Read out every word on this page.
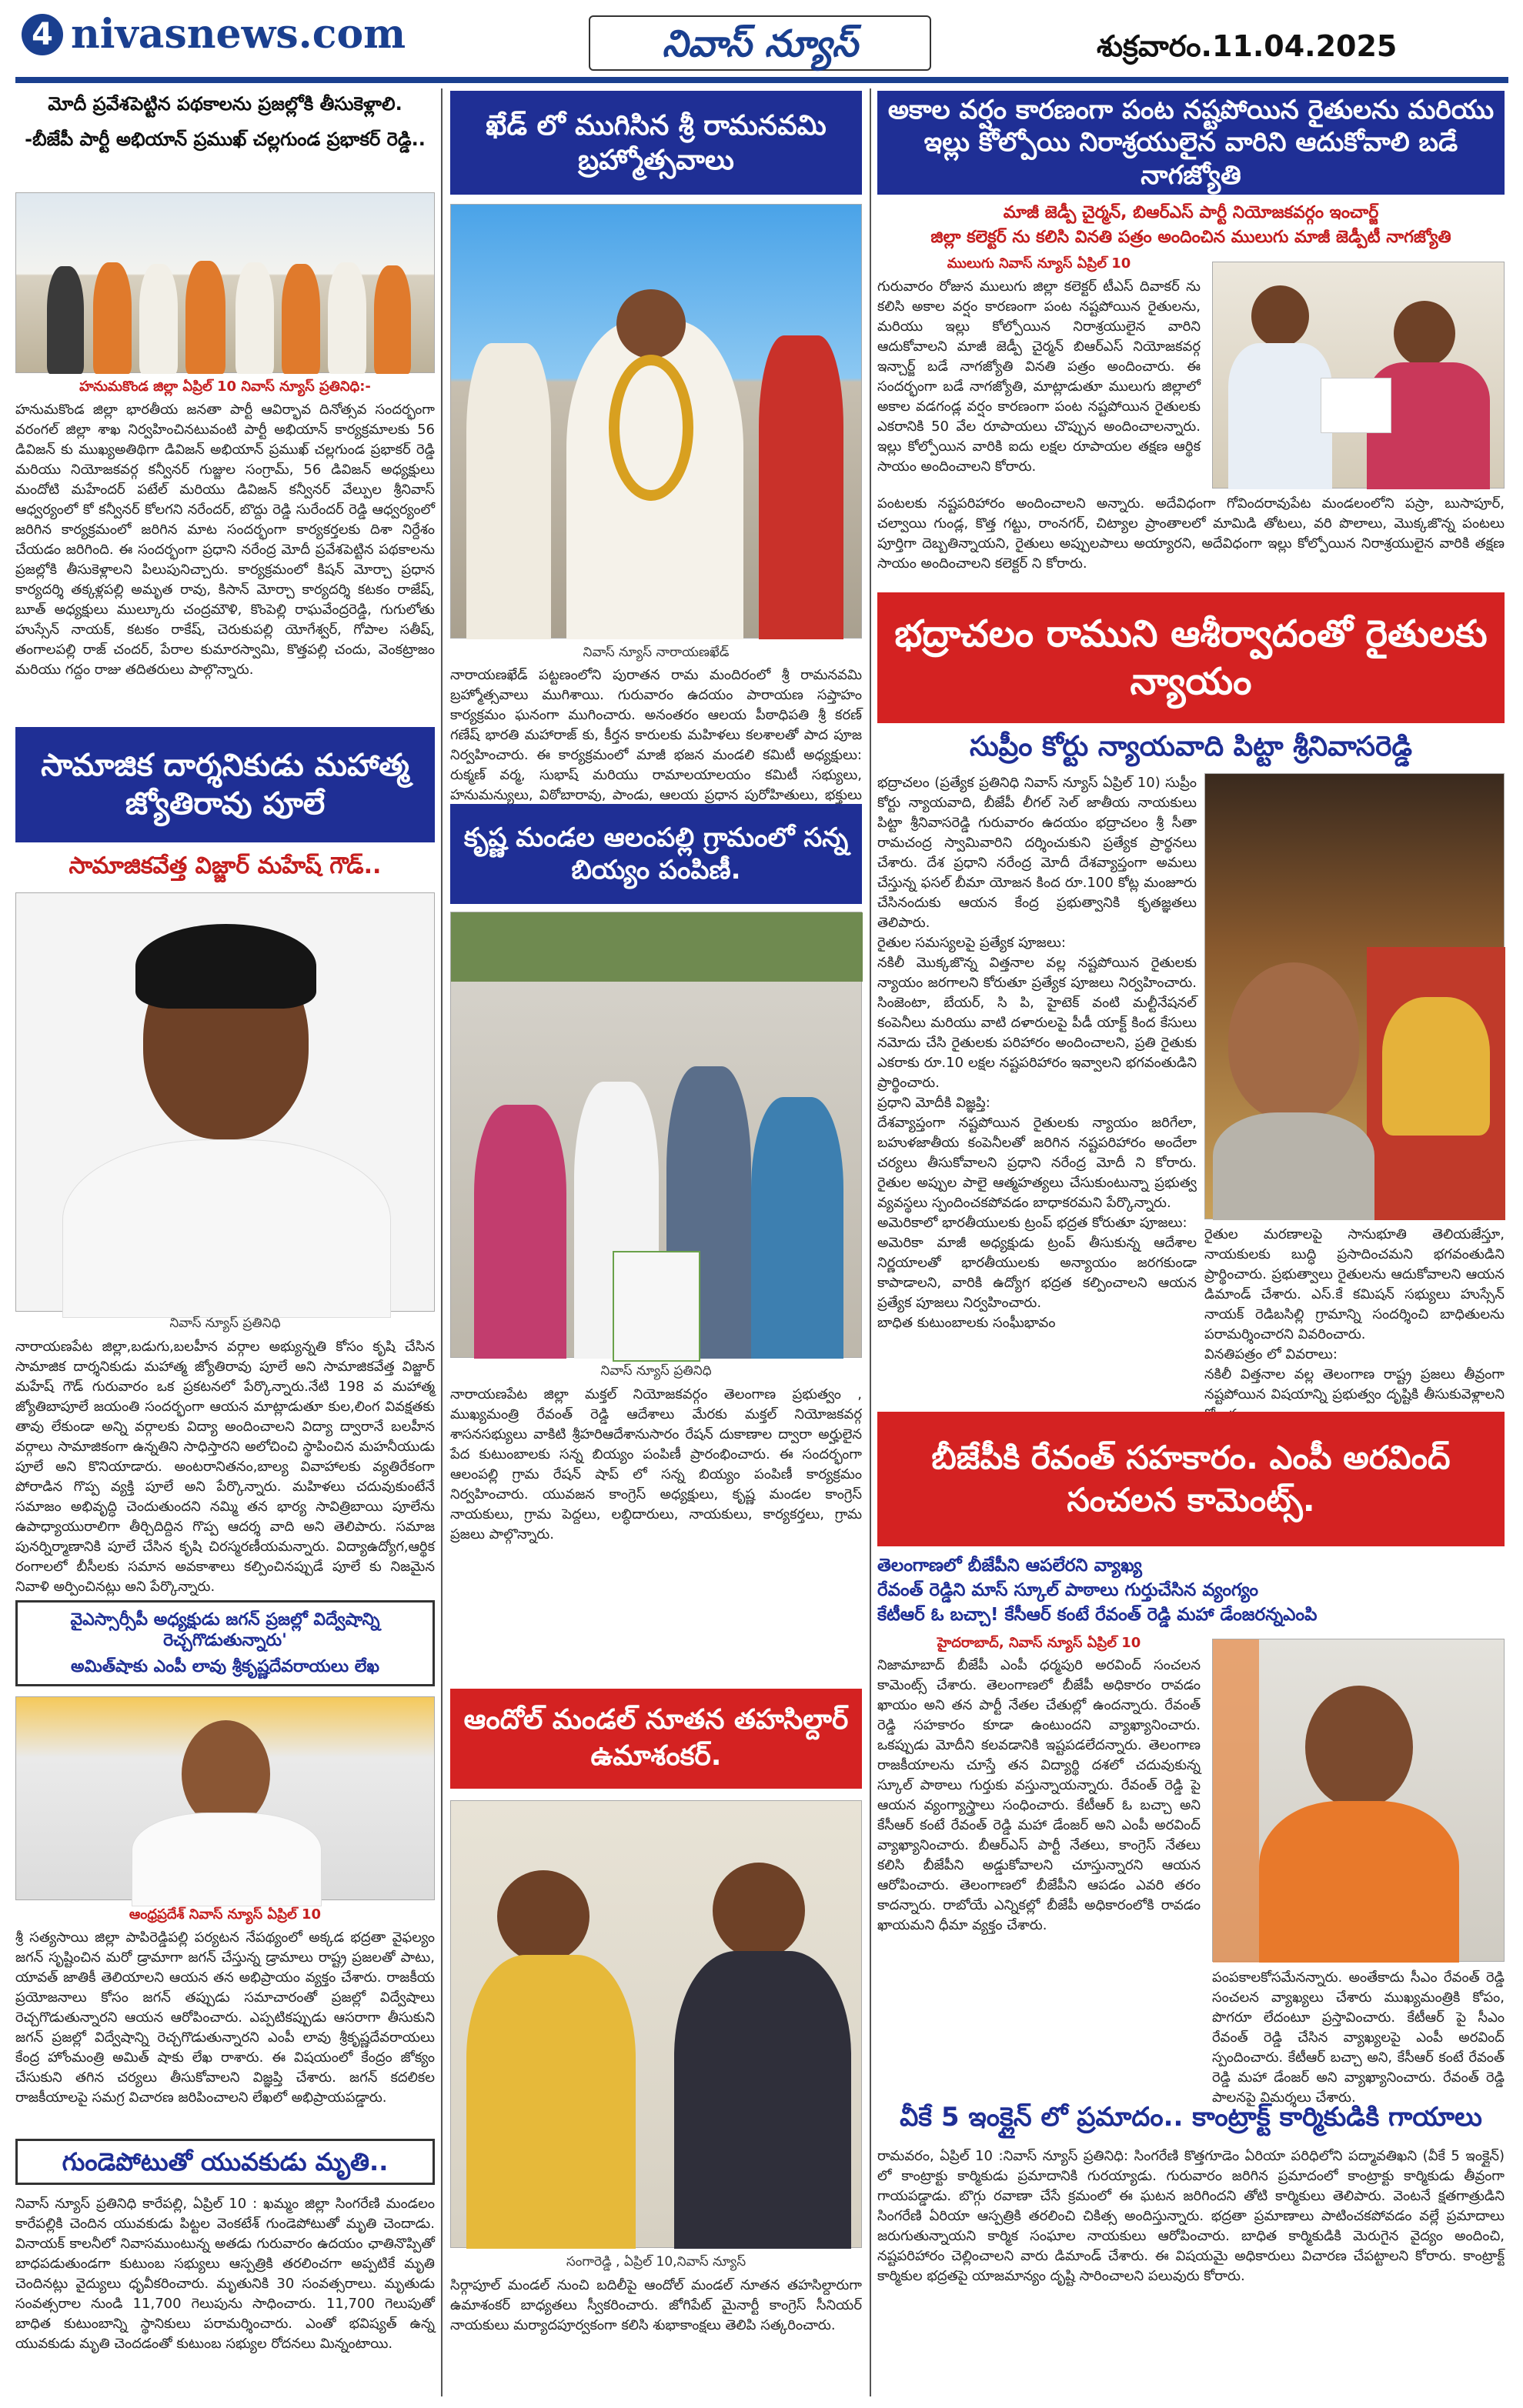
4 nivasnews.com	నివాస్ న్యూస్	శుక్రవారం.11.04.2025
మోదీ ప్రవేశపెట్టిన పథకాలను ప్రజల్లోకి తీసుకెళ్లాలి.
-బీజేపీ పార్టీ అభియాన్ ప్రముఖ్ చల్లగుండ ప్రభాకర్ రెడ్డి..
హనుమకొండ జిల్లా ఏప్రిల్ 10 నివాస్ న్యూస్ ప్రతినిధి:-
హనుమకొండ జిల్లా భారతీయ జనతా పార్టీ ఆవిర్భావ దినోత్సవ సందర్భంగా వరంగల్ జిల్లా శాఖ నిర్వహించినటువంటి పార్టీ అభియాన్ కార్యక్రమాలకు 56 డివిజన్ కు ముఖ్యఅతిథిగా డివిజన్ అభియాన్ ప్రముఖ్ చల్లగుండ ప్రభాకర్ రెడ్డి మరియు నియోజకవర్గ కన్వీనర్ గుజ్జుల సంగ్రామ్, 56 డివిజన్ అధ్యక్షులు మందోటి మహేందర్ పటేల్ మరియు డివిజన్ కన్వీనర్ వేల్పుల శ్రీనివాస్ ఆధ్వర్యంలో కో కన్వీనర్ కోలగని నరేందర్, బొద్దు రెడ్డి సురేందర్ రెడ్డి ఆధ్వర్యంలో జరిగిన కార్యక్రమంలో జరిగిన మాట సందర్భంగా కార్యకర్తలకు దిశా నిర్దేశం చేయడం జరిగింది. ఈ సందర్భంగా ప్రధాని నరేంద్ర మోదీ ప్రవేశపెట్టిన పథకాలను ప్రజల్లోకి తీసుకెళ్లాలని పిలుపునిచ్చారు. కార్యక్రమంలో కిషన్ మోర్చా ప్రధాన కార్యదర్శి తక్కళ్లపల్లి అమృత రావు, కిసాన్ మోర్చా కార్యదర్శి కటకం రాజేష్, బూత్ అధ్యక్షులు ముల్కూరు చంద్రమౌళి, కొంపెల్లి రాఘవేంద్రరెడ్డి, గుగులోతు హుస్సేన్ నాయక్, కటకం రాకేష్, చెరుకుపల్లి యోగేశ్వర్, గోపాల సతీష్, తంగాలపల్లి రాజ్ చందర్, పేరాల కుమారస్వామి, కొత్తపల్లి చందు, వెంకట్రాజం మరియు గద్దం రాజు తదితరులు పాల్గొన్నారు.
సామాజిక దార్శనికుడు మహాత్మ జ్యోతిరావు పూలే
సామాజికవేత్త విజ్జార్ మహేష్ గౌడ్..
నివాస్ న్యూస్ ప్రతినిధి
నారాయణపేట జిల్లా,బడుగు,బలహీన వర్గాల అభ్యున్నతి కోసం కృషి చేసిన సామాజిక దార్శనికుడు మహాత్మ జ్యోతిరావు పూలే అని సామాజికవేత్త విజ్జార్ మహేష్ గౌడ్ గురువారం ఒక ప్రకటనలో పేర్కొన్నారు.నేటి 198 వ మహాత్మ జ్యోతిబాపూలే జయంతి సందర్భంగా ఆయన మాట్లాడుతూ కుల,లింగ వివక్షతకు తావు లేకుండా అన్ని వర్గాలకు విద్యా అందించాలని విద్యా ద్వారానే బలహీన వర్గాలు సామాజికంగా ఉన్నతిని సాధిస్తారని అలోచించి స్థాపించిన మహనీయుడు పూలే అని కొనియాడారు. అంటరానితనం,బాల్య వివాహాలకు వ్యతిరేకంగా పోరాడిన గొప్ప వ్యక్తి పూలే అని పేర్కొన్నారు. మహిళలు చదువుకుంటేనే సమాజం అభివృద్ధి చెందుతుందని నమ్మి తన భార్య సావిత్రిబాయి పూలేను ఉపాధ్యాయురాలిగా తీర్చిదిద్దిన గొప్ప ఆదర్శ వాది అని తెలిపారు. సమాజ పునర్నిర్మాణానికి పూలే చేసిన కృషి చిరస్మరణీయమన్నారు. విద్యాఉద్యోగ,ఆర్థిక రంగాలలో బీసీలకు సమాన అవకాశాలు కల్పించినప్పుడే పూలే కు నిజమైన నివాళి అర్పించినట్లు అని పేర్కొన్నారు.
వైఎస్సార్సీపీ అధ్యక్షుడు జగన్ ప్రజల్లో విద్వేషాన్ని రెచ్చగొడుతున్నారు'
అమిత్‌షాకు ఎంపీ లావు శ్రీకృష్ణదేవరాయలు లేఖ
ఆంధ్రప్రదేశ్ నివాస్ న్యూస్ ఏప్రిల్ 10
శ్రీ సత్యసాయి జిల్లా పాపిరెడ్డిపల్లి పర్యటన నేపథ్యంలో అక్కడ భద్రతా వైఫల్యం జగన్ సృష్టించిన మరో డ్రామాగా జగన్ చేస్తున్న డ్రామాలు రాష్ట్ర ప్రజలతో పాటు, యావత్ జాతికీ తెలియాలని ఆయన తన అభిప్రాయం వ్యక్తం చేశారు. రాజకీయ ప్రయోజనాలు కోసం జగన్ తప్పుడు సమాచారంతో ప్రజల్లో విద్వేషాలు రెచ్చగొడుతున్నారని ఆయన ఆరోపించారు. ఎప్పటికప్పుడు ఆసరాగా తీసుకుని జగన్ ప్రజల్లో విద్వేషాన్ని రెచ్చగొడుతున్నారని ఎంపీ లావు శ్రీకృష్ణదేవరాయలు కేంద్ర హోంమంత్రి అమిత్ షాకు లేఖ రాశారు. ఈ విషయంలో కేంద్రం జోక్యం చేసుకుని తగిన చర్యలు తీసుకోవాలని విజ్ఞప్తి చేశారు. జగన్ కదలికల రాజకీయాలపై సమగ్ర విచారణ జరిపించాలని లేఖలో అభిప్రాయపడ్డారు.
గుండెపోటుతో యువకుడు మృతి..
నివాస్ న్యూస్ ప్రతినిధి కారేపల్లి, ఏప్రిల్ 10 : ఖమ్మం జిల్లా సింగరేణి మండలం కారేపల్లికి చెందిన యువకుడు పిట్టల వెంకటేశ్ గుండెపోటుతో మృతి చెందాడు. వినాయక్ కాలనీలో నివాసముంటున్న అతడు గురువారం ఉదయం ఛాతినొప్పితో బాధపడుతుండగా కుటుంబ సభ్యులు ఆస్పత్రికి తరలించగా అప్పటికే మృతి చెందినట్లు వైద్యులు ధృవీకరించారు. మృతునికి 30 సంవత్సరాలు. మృతుడు సంవత్సరాల నుండి 11,700 గెలుపును సాధించారు. 11,700 గెలుపుతో బాధిత కుటుంబాన్ని స్థానికులు పరామర్శించారు. ఎంతో భవిష్యత్ ఉన్న యువకుడు మృతి చెందడంతో కుటుంబ సభ్యుల రోదనలు మిన్నంటాయి.
ఖేడ్ లో ముగిసిన శ్రీ రామనవమి బ్రహ్మోత్సవాలు
నివాస్ న్యూస్ నారాయణఖేడ్
నారాయణఖేడ్ పట్టణంలోని పురాతన రామ మందిరంలో శ్రీ రామనవమి బ్రహ్మోత్సవాలు ముగిశాయి. గురువారం ఉదయం పారాయణ సప్తాహం కార్యక్రమం ఘనంగా ముగించారు. అనంతరం ఆలయ పీఠాధిపతి శ్రీ కరణ్ గణేష్ భారతి మహారాజ్ కు, కీర్తన కారులకు మహిళలు కలశాలతో పాద పూజ నిర్వహించారు. ఈ కార్యక్రమంలో మాజీ భజన మండలి కమిటీ అధ్యక్షులు: రుక్మణ్ వర్మ, సుభాష్ మరియు రామాలయాలయం కమిటీ సభ్యులు, హనుమన్యులు, విఠోబారావు, పాండు, ఆలయ ప్రధాన పురోహితులు, భక్తులు
కృష్ణ మండల ఆలంపల్లి గ్రామంలో సన్న బియ్యం పంపిణీ.
నివాస్ న్యూస్ ప్రతినిధి
నారాయణపేట జిల్లా మక్తల్ నియోజకవర్గం తెలంగాణ ప్రభుత్వం , ముఖ్యమంత్రి రేవంత్ రెడ్డి ఆదేశాలు మేరకు మక్తల్ నియోజకవర్గ శాసనసభ్యులు వాకిటి శ్రీహరిఆదేశానుసారం రేషన్ దుకాణాల ద్వారా అర్హులైన పేద కుటుంబాలకు సన్న బియ్యం పంపిణీ ప్రారంభించారు. ఈ సందర్భంగా ఆలంపల్లి గ్రామ రేషన్ షాప్ లో సన్న బియ్యం పంపిణీ కార్యక్రమం నిర్వహించారు. యువజన కాంగ్రెస్ అధ్యక్షులు, కృష్ణ మండల కాంగ్రెస్ నాయకులు, గ్రామ పెద్దలు, లబ్ధిదారులు, నాయకులు, కార్యకర్తలు, గ్రామ ప్రజలు పాల్గొన్నారు.
ఆందోల్ మండల్ నూతన తహసిల్దార్ ఉమాశంకర్.
సంగారెడ్డి , ఏప్రిల్ 10,నివాస్ న్యూస్
సిర్గాపూల్ మండల్ నుంచి బదిలీపై ఆందోల్ మండల్ నూతన తహసిల్దారుగా ఉమాశంకర్ బాధ్యతలు స్వీకరించారు. జోగిపేట్ మైనార్టీ కాంగ్రెస్ సీనియర్ నాయకులు మర్యాదపూర్వకంగా కలిసి శుభాకాంక్షలు తెలిపి సత్కరించారు.
అకాల వర్షం కారణంగా పంట నష్టపోయిన రైతులను మరియు ఇల్లు కోల్పోయి నిరాశ్రయులైన వారిని ఆదుకోవాలి బడే నాగజ్యోతి
మాజీ జెడ్పీ చైర్మన్, బిఆర్ఎస్ పార్టీ నియోజకవర్గం ఇంచార్జ్
జిల్లా కలెక్టర్ ను కలిసి వినతి పత్రం అందించిన ములుగు మాజీ జెడ్పీటీ నాగజ్యోతి
ములుగు నివాస్ న్యూస్ ఏప్రిల్ 10
గురువారం రోజున ములుగు జిల్లా కలెక్టర్ టీఎస్ దివాకర్ ను కలిసి అకాల వర్షం కారణంగా పంట నష్టపోయిన రైతులను, మరియు ఇల్లు కోల్పోయిన నిరాశ్రయులైన వారిని ఆదుకోవాలని మాజీ జెడ్పీ చైర్మన్ బిఆర్ఎస్ నియోజకవర్గ ఇన్చార్జ్ బడే నాగజ్యోతి వినతి పత్రం అందించారు. ఈ సందర్భంగా బడే నాగజ్యోతి, మాట్లాడుతూ ములుగు జిల్లాలో అకాల వడగండ్ల వర్షం కారణంగా పంట నష్టపోయిన రైతులకు ఎకరానికి 50 వేల రూపాయలు చొప్పున అందించాలన్నారు. ఇల్లు కోల్పోయిన వారికి ఐదు లక్షల రూపాయల తక్షణ ఆర్థిక సాయం అందించాలని కోరారు.
పంటలకు నష్టపరిహారం అందించాలని అన్నారు. అదేవిధంగా గోవిందరావుపేట మండలంలోని పస్రా, బుసాపూర్, చల్వాయి గుండ్ల, కొత్త గట్టు, రాంనగర్, చిట్యాల ప్రాంతాలలో మామిడి తోటలు, వరి పొలాలు, మొక్కజొన్న పంటలు పూర్తిగా దెబ్బతిన్నాయని, రైతులు అప్పులపాలు అయ్యారని, అదేవిధంగా ఇల్లు కోల్పోయిన నిరాశ్రయులైన వారికి తక్షణ సాయం అందించాలని కలెక్టర్ ని కోరారు.
భద్రాచలం రాముని ఆశీర్వాదంతో రైతులకు న్యాయం
సుప్రీం కోర్టు న్యాయవాది పిట్టా శ్రీనివాసరెడ్డి
భద్రాచలం (ప్రత్యేక ప్రతినిధి నివాస్ న్యూస్ ఏప్రిల్ 10) సుప్రీం కోర్టు న్యాయవాది, బీజేపీ లీగల్ సెల్ జాతీయ నాయకులు పిట్టా శ్రీనివాసరెడ్డి గురువారం ఉదయం భద్రాచలం శ్రీ సీతా రామచంద్ర స్వామివారిని దర్శించుకుని ప్రత్యేక ప్రార్థనలు చేశారు. దేశ ప్రధాని నరేంద్ర మోదీ దేశవ్యాప్తంగా అమలు చేస్తున్న ఫసల్ బీమా యోజన కింద రూ.100 కోట్ల మంజూరు చేసినందుకు ఆయన కేంద్ర ప్రభుత్వానికి కృతజ్ఞతలు తెలిపారు.
రైతుల సమస్యలపై ప్రత్యేక పూజలు:
నకిలీ మొక్కజొన్న విత్తనాల వల్ల నష్టపోయిన రైతులకు న్యాయం జరగాలని కోరుతూ ప్రత్యేక పూజలు నిర్వహించారు. సింజెంటా, బేయర్, సి పి, హైటెక్ వంటి మల్టీనేషనల్ కంపెనీలు మరియు వాటి దళారులపై పీడీ యాక్ట్ కింద కేసులు నమోదు చేసి రైతులకు పరిహారం అందించాలని, ప్రతి రైతుకు ఎకరాకు రూ.10 లక్షల నష్టపరిహారం ఇవ్వాలని భగవంతుడిని ప్రార్థించారు.
ప్రధాని మోదీకి విజ్ఞప్తి:
దేశవ్యాప్తంగా నష్టపోయిన రైతులకు న్యాయం జరిగేలా, బహుళజాతీయ కంపెనీలతో జరిగిన నష్టపరిహారం అందేలా చర్యలు తీసుకోవాలని ప్రధాని నరేంద్ర మోదీ ని కోరారు. రైతుల అప్పుల పాలై ఆత్మహత్యలు చేసుకుంటున్నా ప్రభుత్వ వ్యవస్థలు స్పందించకపోవడం బాధాకరమని పేర్కొన్నారు.
అమెరికాలో భారతీయులకు ట్రంప్ భద్రత కోరుతూ పూజలు:
అమెరికా మాజీ అధ్యక్షుడు ట్రంప్ తీసుకున్న ఆదేశాల నిర్ణయాలతో భారతీయులకు అన్యాయం జరగకుండా కాపాడాలని, వారికి ఉద్యోగ భద్రత కల్పించాలని ఆయన ప్రత్యేక పూజలు నిర్వహించారు.
బాధిత కుటుంబాలకు సంఘీభావం
రైతుల మరణాలపై సానుభూతి తెలియజేస్తూ, నాయకులకు బుద్ధి ప్రసాదించమని భగవంతుడిని ప్రార్థించారు. ప్రభుత్వాలు రైతులను ఆదుకోవాలని ఆయన డిమాండ్ చేశారు. ఎస్.కే కమిషన్ సభ్యులు హుస్సేన్ నాయక్ రెడిబసిల్లి గ్రామాన్ని సందర్శించి బాధితులను పరామర్శించారని వివరించారు.
వినతిపత్రం లో వివరాలు:
నకిలీ విత్తనాల వల్ల తెలంగాణ రాష్ట్ర ప్రజలు తీవ్రంగా నష్టపోయిన విషయాన్ని ప్రభుత్వం దృష్టికి తీసుకువెళ్లాలని
బీజేపీకి రేవంత్ సహకారం. ఎంపీ అరవింద్ సంచలన కామెంట్స్.
తెలంగాణలో బీజేపీని ఆపలేరని వ్యాఖ్య
రేవంత్ రెడ్డిని మాస్ స్కూల్ పాఠాలు గుర్తుచేసిన వ్యంగ్యం
కేటీఆర్ ఓ బచ్చా! కేసీఆర్ కంటే రేవంత్ రెడ్డి మహా డేంజరన్నఎంపి
హైదరాబాద్, నివాస్ న్యూస్ ఏప్రిల్ 10
నిజామాబాద్ బీజేపీ ఎంపీ ధర్మపురి అరవింద్ సంచలన కామెంట్స్ చేశారు. తెలంగాణలో బీజేపీ అధికారం రావడం ఖాయం అని తన పార్టీ నేతల చేతుల్లో ఉందన్నారు. రేవంత్ రెడ్డి సహకారం కూడా ఉంటుందని వ్యాఖ్యానించారు. ఒకప్పుడు మోదీని కలవడానికి ఇష్టపడలేదన్నారు. తెలంగాణ రాజకీయాలను చూస్తే తన విద్యార్థి దశలో చదువుకున్న స్కూల్ పాఠాలు గుర్తుకు వస్తున్నాయన్నారు. రేవంత్ రెడ్డి పై ఆయన వ్యంగ్యాస్త్రాలు సంధించారు. కేటీఆర్ ఓ బచ్చా అని కేసీఆర్ కంటే రేవంత్ రెడ్డి మహా డేంజర్ అని ఎంపీ అరవింద్ వ్యాఖ్యానించారు. బీఆర్ఎస్ పార్టీ నేతలు, కాంగ్రెస్ నేతలు కలిసి బీజేపీని అడ్డుకోవాలని చూస్తున్నారని ఆయన ఆరోపించారు. తెలంగాణలో బీజేపీని ఆపడం ఎవరి తరం కాదన్నారు. రాబోయే ఎన్నికల్లో బీజేపీ అధికారంలోకి రావడం ఖాయమని ధీమా వ్యక్తం చేశారు.
పంపకాలకోసమేనన్నారు. అంతేకాదు సీఎం రేవంత్ రెడ్డి సంచలన వ్యాఖ్యలు చేశారు ముఖ్యమంత్రికి కోపం, పొగరూ లేదంటూ ప్రస్తావించారు. కేటీఆర్ పై సీఎం రేవంత్ రెడ్డి చేసిన వ్యాఖ్యలపై ఎంపీ అరవింద్ స్పందించారు. కేటీఆర్ బచ్చా అని, కేసీఆర్ కంటే రేవంత్ రెడ్డి మహా డేంజర్ అని వ్యాఖ్యానించారు. రేవంత్ రెడ్డి పాలనపై విమర్శలు చేశారు.
వీకే 5 ఇంక్లైన్ లో ప్రమాదం.. కాంట్రాక్ట్ కార్మికుడికి గాయాలు
రామవరం, ఏప్రిల్ 10 :నివాస్ న్యూస్ ప్రతినిధి: సింగరేణి కొత్తగూడెం ఏరియా పరిధిలోని పద్మావతిఖని (వీకే 5 ఇంక్లైన్) లో కాంట్రాక్టు కార్మికుడు ప్రమాదానికి గురయ్యాడు. గురువారం జరిగిన ప్రమాదంలో కాంట్రాక్టు కార్మికుడు తీవ్రంగా గాయపడ్డాడు. బొగ్గు రవాణా చేసే క్రమంలో ఈ ఘటన జరిగిందని తోటి కార్మికులు తెలిపారు. వెంటనే క్షతగాత్రుడిని సింగరేణి ఏరియా ఆస్పత్రికి తరలించి చికిత్స అందిస్తున్నారు. భద్రతా ప్రమాణాలు పాటించకపోవడం వల్లే ప్రమాదాలు జరుగుతున్నాయని కార్మిక సంఘాల నాయకులు ఆరోపించారు. బాధిత కార్మికుడికి మెరుగైన వైద్యం అందించి, నష్టపరిహారం చెల్లించాలని వారు డిమాండ్ చేశారు. ఈ విషయమై అధికారులు విచారణ చేపట్టాలని కోరారు. కాంట్రాక్ట్ కార్మికుల భద్రతపై యాజమాన్యం దృష్టి సారించాలని పలువురు కోరారు.
